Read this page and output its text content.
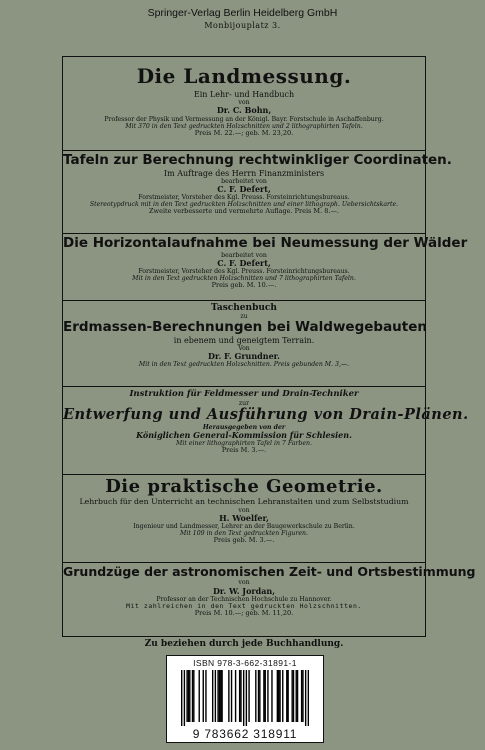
Springer-Verlag Berlin Heidelberg GmbH
Monbijouplatz 3.
Die Landmessung.
Ein Lehr- und Handbuch
von
Dr. C. Bohn,
Professor der Physik und Vermessung an der Königl. Bayr. Forstschule in Aschaffenburg.
Mit 370 in den Text gedruckten Holzschnitten und 2 lithographirten Tafeln.
Preis M. 22.—; geb. M. 23,20.
Tafeln zur Berechnung rechtwinkliger Coordinaten.
Im Auftrage des Herrn Finanzministers
bearbeitet von
C. F. Defert,
Forstmeister, Vorsteher des Kgl. Preuss. Forsteinrichtungsbureaus.
Stereotypdruck mit in den Text gedruckten Holzschnitten und einer lithograph. Uebersichtskarte.
Zweite verbesserte und vermehrte Auflage. Preis M. 8.—.
Die Horizontalaufnahme bei Neumessung der Wälder
bearbeitet von
C. F. Defert,
Forstmeister, Vorsteher des Kgl. Preuss. Forsteinrichtungsbureaus.
Mit in den Text gedruckten Holzschnitten und 7 lithographirten Tafeln.
Preis geb. M. 10.—.
Taschenbuch
zu
Erdmassen-Berechnungen bei Waldwegebauten
in ebenem und geneigtem Terrain.
Von
Dr. F. Grundner.
Mit in den Text gedruckten Holzschnitten. Preis gebunden M. 3,—.
Instruktion für Feldmesser und Drain-Techniker
zur
Entwerfung und Ausführung von Drain-Plänen.
Herausgegeben von der
Königlichen General-Kommission für Schlesien.
Mit einer lithographirten Tafel in 7 Farben.
Preis M. 3.—.
Die praktische Geometrie.
Lehrbuch für den Unterricht an technischen Lehranstalten und zum Selbststudium
von
H. Woelfer,
Ingenieur und Landmesser, Lehrer an der Baugewerkschule zu Berlin.
Mit 109 in den Text gedruckten Figuren.
Preis geb. M. 3.—.
Grundzüge der astronomischen Zeit- und Ortsbestimmung
von
Dr. W. Jordan,
Professor an der Technischen Hochschule zu Hannover.
Mit zahlreichen in den Text gedruckten Holzschnitten.
Preis M. 10.—; geb. M. 11,20.
Zu beziehen durch jede Buchhandlung.
ISBN 978-3-662-31891-1
9 783662 318911
